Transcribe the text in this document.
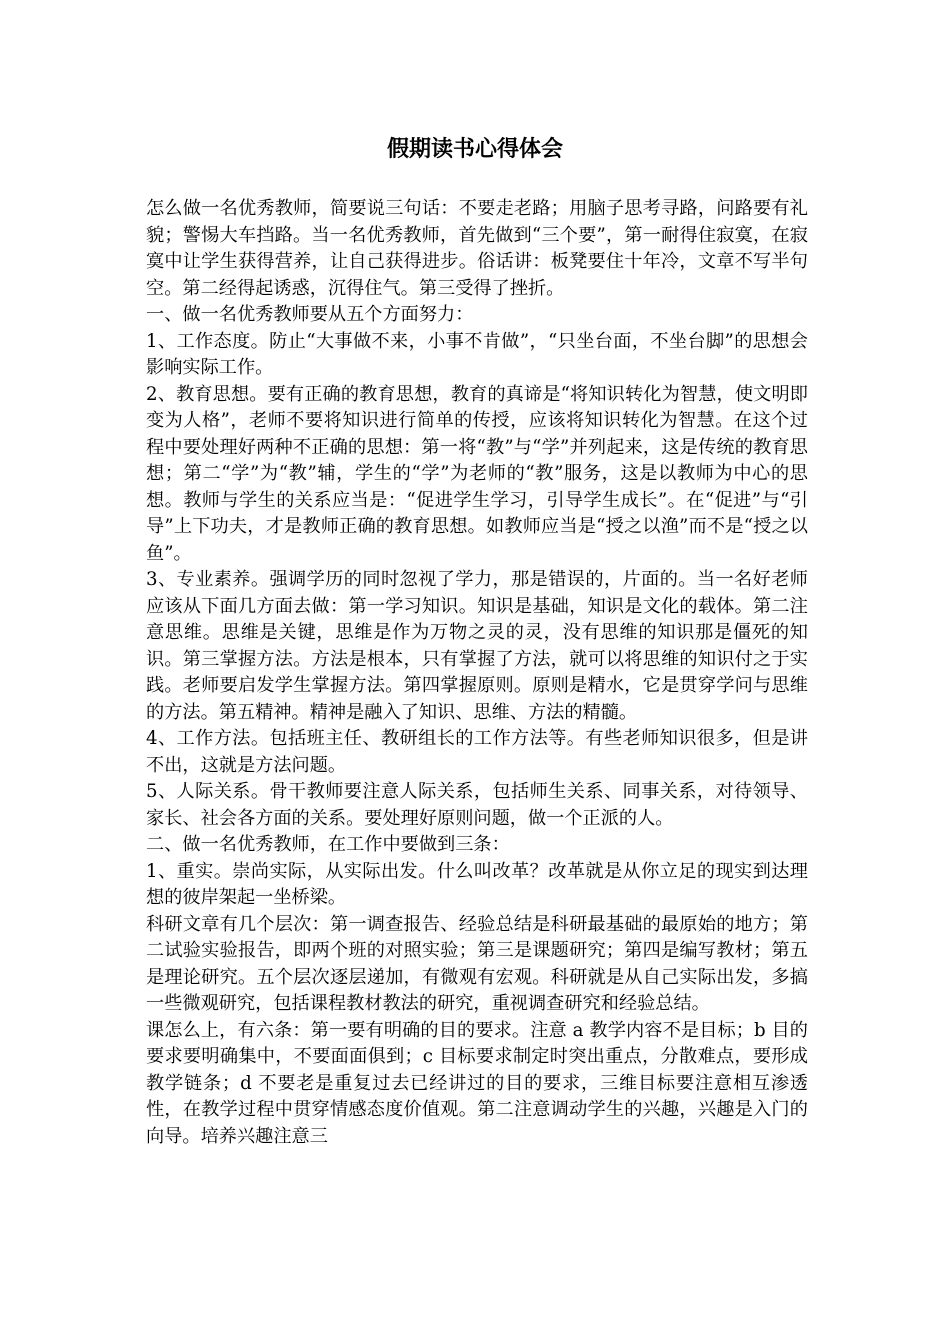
假期读书心得体会

怎么做一名优秀教师，简要说三句话：不要走老路；用脑子思考寻路，问路要有礼貌；警惕大车挡路。当一名优秀教师，首先做到“三个要”，第一耐得住寂寞，在寂寞中让学生获得营养，让自己获得进步。俗话讲：板凳要住十年冷，文章不写半句空。第二经得起诱惑，沉得住气。第三受得了挫折。

一、做一名优秀教师要从五个方面努力：

1、工作态度。防止“大事做不来，小事不肯做”，“只坐台面，不坐台脚”的思想会影响实际工作。

2、教育思想。要有正确的教育思想，教育的真谛是“将知识转化为智慧，使文明即变为人格”，老师不要将知识进行简单的传授，应该将知识转化为智慧。在这个过程中要处理好两种不正确的思想：第一将“教”与“学”并列起来，这是传统的教育思想；第二“学”为“教”辅，学生的“学”为老师的“教”服务，这是以教师为中心的思想。教师与学生的关系应当是：“促进学生学习，引导学生成长”。在“促进”与“引导”上下功夫，才是教师正确的教育思想。如教师应当是“授之以渔”而不是“授之以鱼”。

3、专业素养。强调学历的同时忽视了学力，那是错误的，片面的。当一名好老师应该从下面几方面去做：第一学习知识。知识是基础，知识是文化的载体。第二注意思维。思维是关键，思维是作为万物之灵的灵，没有思维的知识那是僵死的知识。第三掌握方法。方法是根本，只有掌握了方法，就可以将思维的知识付之于实践。老师要启发学生掌握方法。第四掌握原则。原则是精水，它是贯穿学问与思维的方法。第五精神。精神是融入了知识、思维、方法的精髓。

4、工作方法。包括班主任、教研组长的工作方法等。有些老师知识很多，但是讲不出，这就是方法问题。

5、人际关系。骨干教师要注意人际关系，包括师生关系、同事关系，对待领导、家长、社会各方面的关系。要处理好原则问题，做一个正派的人。

二、做一名优秀教师，在工作中要做到三条：

1、重实。崇尚实际，从实际出发。什么叫改革？改革就是从你立足的现实到达理想的彼岸架起一坐桥梁。

科研文章有几个层次：第一调查报告、经验总结是科研最基础的最原始的地方；第二试验实验报告，即两个班的对照实验；第三是课题研究；第四是编写教材；第五是理论研究。五个层次逐层递加，有微观有宏观。科研就是从自己实际出发，多搞一些微观研究，包括课程教材教法的研究，重视调查研究和经验总结。

课怎么上，有六条：第一要有明确的目的要求。注意 a 教学内容不是目标；b 目的要求要明确集中，不要面面俱到；c 目标要求制定时突出重点，分散难点，要形成教学链条；d 不要老是重复过去已经讲过的目的要求，三维目标要注意相互渗透性，在教学过程中贯穿情感态度价值观。第二注意调动学生的兴趣，兴趣是入门的向导。培养兴趣注意三
